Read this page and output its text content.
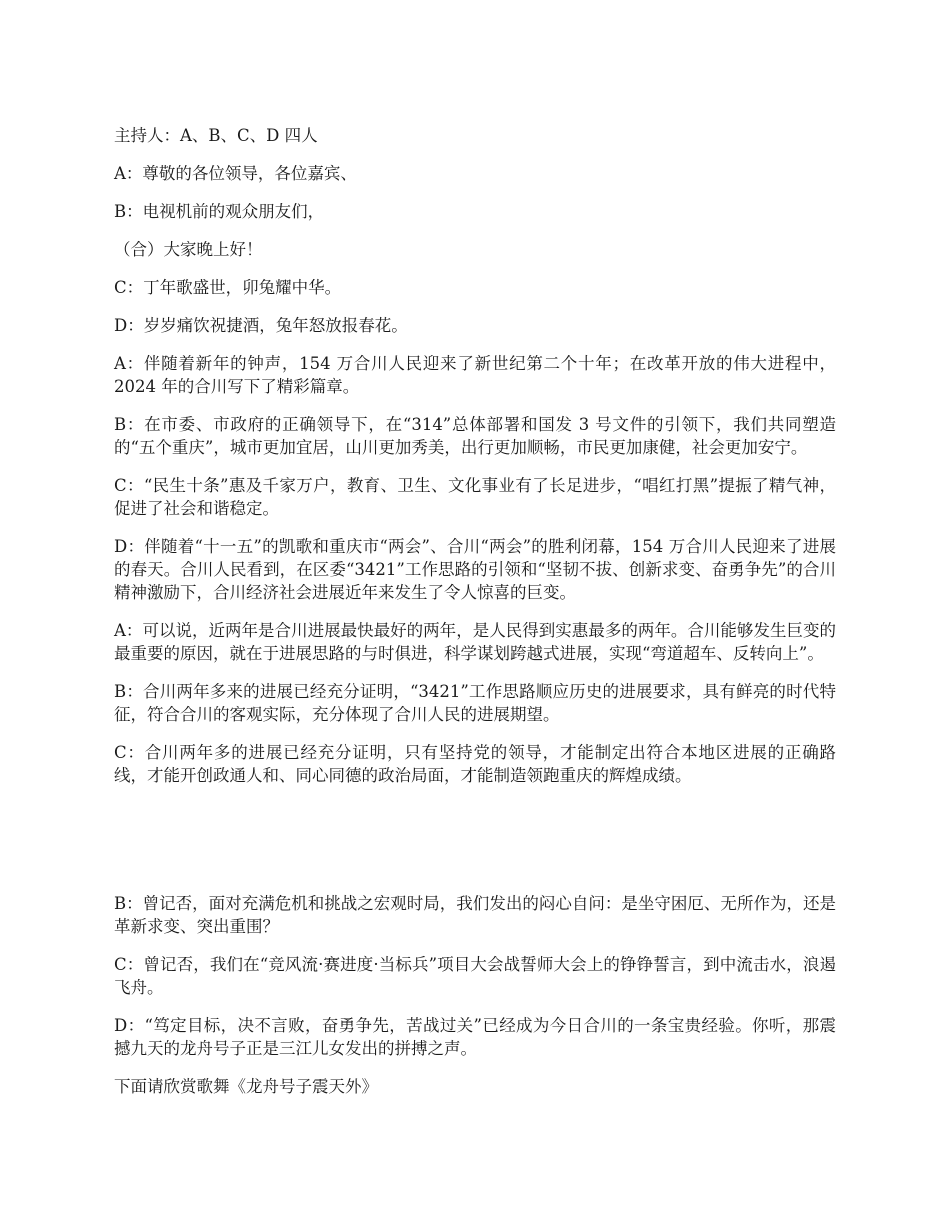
主持人：A、B、C、D 四人

A：尊敬的各位领导，各位嘉宾、

B：电视机前的观众朋友们，

（合）大家晚上好！

C：丁年歌盛世，卯兔耀中华。

D：岁岁痛饮祝捷酒，兔年怒放报春花。

A：伴随着新年的钟声，154 万合川人民迎来了新世纪第二个十年；在改革开放的伟大进程中，2024 年的合川写下了精彩篇章。

B：在市委、市政府的正确领导下，在“314”总体部署和国发 3 号文件的引领下，我们共同塑造的“五个重庆”，城市更加宜居，山川更加秀美，出行更加顺畅，市民更加康健，社会更加安宁。

C：“民生十条”惠及千家万户，教育、卫生、文化事业有了长足进步，“唱红打黑”提振了精气神，促进了社会和谐稳定。

D：伴随着“十一五”的凯歌和重庆市“两会”、合川“两会”的胜利闭幕，154 万合川人民迎来了进展的春天。合川人民看到，在区委“3421”工作思路的引领和“坚韧不拔、创新求变、奋勇争先”的合川精神激励下，合川经济社会进展近年来发生了令人惊喜的巨变。

A：可以说，近两年是合川进展最快最好的两年，是人民得到实惠最多的两年。合川能够发生巨变的最重要的原因，就在于进展思路的与时俱进，科学谋划跨越式进展，实现“弯道超车、反转向上”。

B：合川两年多来的进展已经充分证明，“3421”工作思路顺应历史的进展要求，具有鲜亮的时代特征，符合合川的客观实际，充分体现了合川人民的进展期望。

C：合川两年多的进展已经充分证明，只有坚持党的领导，才能制定出符合本地区进展的正确路线，才能开创政通人和、同心同德的政治局面，才能制造领跑重庆的辉煌成绩。

B：曾记否，面对充满危机和挑战之宏观时局，我们发出的闷心自问：是坐守困厄、无所作为，还是革新求变、突出重围？

C：曾记否，我们在“竞风流·赛进度·当标兵”项目大会战誓师大会上的铮铮誓言，到中流击水，浪遏飞舟。

D：“笃定目标，决不言败，奋勇争先，苦战过关”已经成为今日合川的一条宝贵经验。你听，那震撼九天的龙舟号子正是三江儿女发出的拼搏之声。

下面请欣赏歌舞《龙舟号子震天外》
